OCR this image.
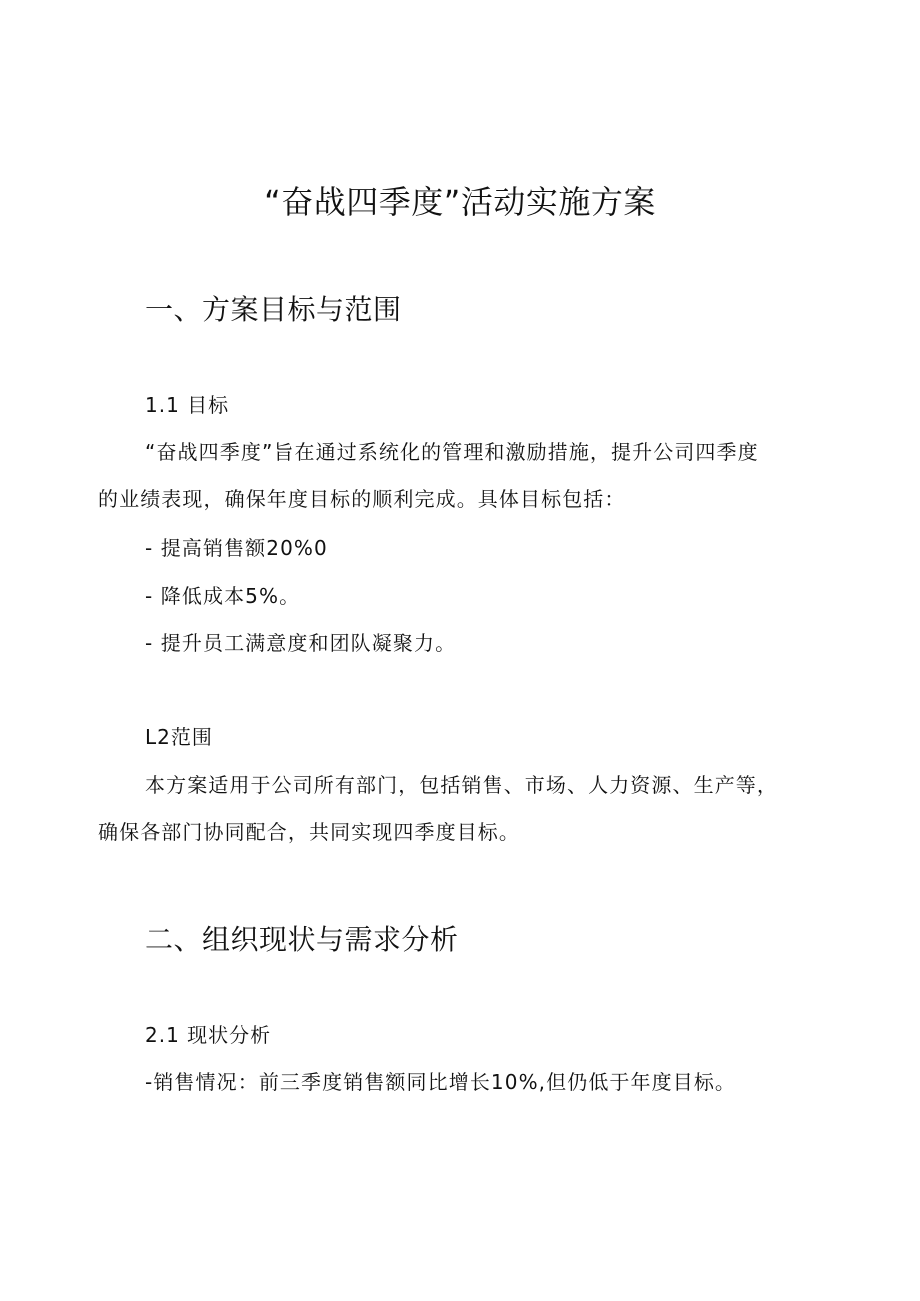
“奋战四季度”活动实施方案
一、方案目标与范围
1.1 目标
“奋战四季度”旨在通过系统化的管理和激励措施，提升公司四季度
的业绩表现，确保年度目标的顺利完成。具体目标包括：
- 提高销售额20%0
- 降低成本5%。
- 提升员工满意度和团队凝聚力。
L2范围
本方案适用于公司所有部门，包括销售、市场、人力资源、生产等，
确保各部门协同配合，共同实现四季度目标。
二、组织现状与需求分析
2.1 现状分析
-销售情况：前三季度销售额同比增长10%,但仍低于年度目标。
